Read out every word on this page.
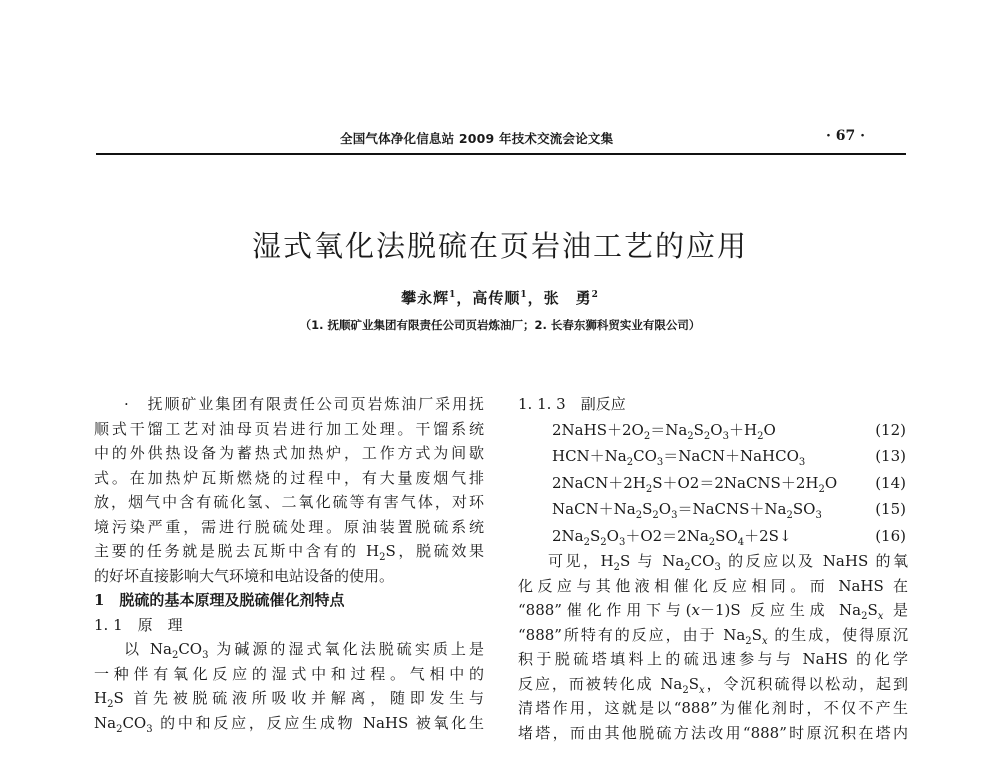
全国气体净化信息站 2009 年技术交流会论文集	· 67 ·
湿式氧化法脱硫在页岩油工艺的应用
攀永辉$^1$，高传顺$^1$，张　勇$^2$
（1. 抚顺矿业集团有限责任公司页岩炼油厂；2. 长春东狮科贸实业有限公司）
·　抚顺矿业集团有限责任公司页岩炼油厂采用抚
顺式干馏工艺对油母页岩进行加工处理。干馏系统
中的外供热设备为蓄热式加热炉，工作方式为间歇
式。在加热炉瓦斯燃烧的过程中，有大量废烟气排
放，烟气中含有硫化氢、二氧化硫等有害气体，对环
境污染严重，需进行脱硫处理。原油装置脱硫系统
主要的任务就是脱去瓦斯中含有的 $H_2S$，脱硫效果
的好坏直接影响大气环境和电站设备的使用。
1　脱硫的基本原理及脱硫催化剂特点
1. 1　原　理
以 $Na_2CO_3$ 为碱源的湿式氧化法脱硫实质上是
一种伴有氧化反应的湿式中和过程。气相中的
$H_2S$ 首先被脱硫液所吸收并解离，随即发生与
$Na_2CO_3$ 的中和反应，反应生成物 NaHS 被氧化生
1. 1. 3　副反应
$2NaHS+2O_2=Na_2S_2O_3+H_2O$	(12)
$HCN+Na_2CO_3=NaCN+NaHCO_3$	(13)
$2NaCN+2H_2S+O2=2NaCNS+2H_2O$	(14)
$NaCN+Na_2S_2O_3=NaCNS+Na_2SO_3$	(15)
$2Na_2S_2O_3+O2=2Na_2SO_4+2S↓$	(16)
可见，$H_2S$ 与 $Na_2CO_3$ 的反应以及 NaHS 的氧
化反应与其他液相催化反应相同。而 NaHS 在
“888”催化作用下与(x－1)S 反应生成 $Na_2S_x$ 是
“888”所特有的反应，由于 $Na_2S_x$ 的生成，使得原沉
积于脱硫塔填料上的硫迅速参与与 NaHS 的化学
反应，而被转化成 $Na_2S_x$，令沉积硫得以松动，起到
清塔作用，这就是以“888”为催化剂时，不仅不产生
堵塔，而由其他脱硫方法改用“888”时原沉积在塔内
